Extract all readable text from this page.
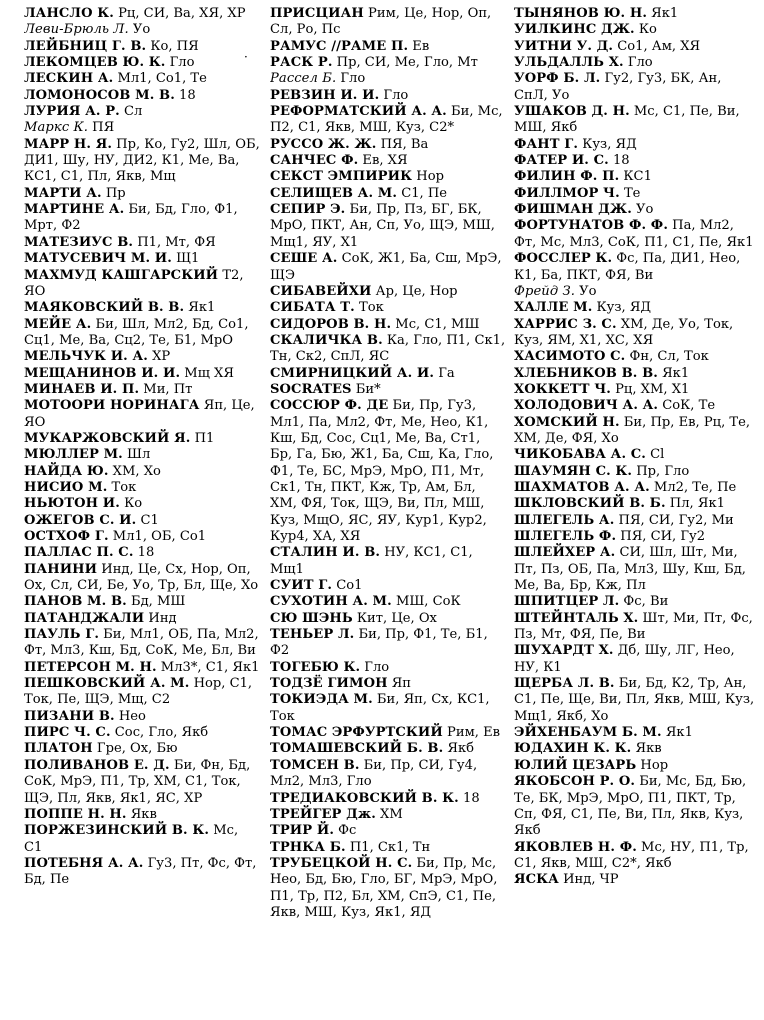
ЛАНСЛО К. Рц, СИ, Ва, ХЯ, ХР
Леви-Брюль Л. Уо
ЛЕЙБНИЦ Г. В. Ко, ПЯ
ЛЕКОМЦЕВ Ю. К. Гло
ЛЕСКИН А. Мл1, Со1, Те
ЛОМОНОСОВ М. В. 18
ЛУРИЯ А. Р. Сл
Маркс К. ПЯ
МАРР Н. Я. Пр, Ко, Гу2, Шл, ОБ, ДИ1, Шу, НУ, ДИ2, К1, Ме, Ва, КС1, С1, Пл, Якв, Мщ
МАРТИ А. Пр
МАРТИНЕ А. Би, Бд, Гло, Ф1, Мрт, Ф2
МАТЕЗИУС В. П1, Мт, ФЯ
МАТУСЕВИЧ М. И. Щ1
МАХМУД КАШГАРСКИЙ Т2, ЯО
МАЯКОВСКИЙ В. В. Як1
МЕЙЕ А. Би, Шл, Мл2, Бд, Со1, Сц1, Ме, Ва, Сц2, Те, Б1, МрО
МЕЛЬЧУК И. А. ХР
МЕЩАНИНОВ И. И. Мщ ХЯ
МИНАЕВ И. П. Ми, Пт
МОТООРИ НОРИНАГА Яп, Це, ЯО
МУКАРЖОВСКИЙ Я. П1
МЮЛЛЕР М. Шл
НАЙДА Ю. ХМ, Хо
НИСИО М. Ток
НЬЮТОН И. Ко
ОЖЕГОВ С. И. С1
ОСТХОФ Г. Мл1, ОБ, Со1
ПАЛЛАС П. С. 18
ПАНИНИ Инд, Це, Сх, Нор, Оп, Ох, Сл, СИ, Бе, Уо, Тр, Бл, Ще, Хо
ПАНОВ М. В. Бд, МШ
ПАТАНДЖАЛИ Инд
ПАУЛЬ Г. Би, Мл1, ОБ, Па, Мл2, Фт, Мл3, Кш, Бд, СоК, Ме, Бл, Ви
ПЕТЕРСОН М. Н. Мл3*, С1, Як1
ПЕШКОВСКИЙ А. М. Нор, С1, Ток, Пе, ЩЭ, Мщ, С2
ПИЗАНИ В. Нео
ПИРС Ч. С. Сос, Гло, Якб
ПЛАТОН Гре, Ох, Бю
ПОЛИВАНОВ Е. Д. Би, Фн, Бд, СоК, МрЭ, П1, Тр, ХМ, С1, Ток, ЩЭ, Пл, Якв, Як1, ЯС, ХР
ПОППЕ Н. Н. Якв
ПОРЖЕЗИНСКИЙ В. К. Мс, С1
ПОТЕБНЯ А. А. Гу3, Пт, Фс, Фт, Бд, Пе
ПРИСЦИАН Рим, Це, Нор, Оп, Сл, Ро, Пс
РАМУС //РАМЕ П. Ев
РАСК Р. Пр, СИ, Ме, Гло, Мт
Рассел Б. Гло
РЕВЗИН И. И. Гло
РЕФОРМАТСКИЙ А. А. Би, Мс, П2, С1, Якв, МШ, Куз, С2*
РУССО Ж. Ж. ПЯ, Ва
САНЧЕС Ф. Ев, ХЯ
СЕКСТ ЭМПИРИК Нор
СЕЛИЩЕВ А. М. С1, Пе
СЕПИР Э. Би, Пр, Пз, БГ, БК, МрО, ПКТ, Ан, Сп, Уо, ЩЭ, МШ, Мщ1, ЯУ, Х1
СЕШЕ А. СоК, Ж1, Ба, Сш, МрЭ, ЩЭ
СИБАВЕЙХИ Ар, Це, Нор
СИБАТА Т. Ток
СИДОРОВ В. Н. Мс, С1, МШ
СКАЛИЧКА В. Ка, Гло, П1, Ск1, Тн, Ск2, СпЛ, ЯС
СМИРНИЦКИЙ А. И. Га
SOCRATES Би*
СОССЮР Ф. ДЕ Би, Пр, Гу3, Мл1, Па, Мл2, Фт, Ме, Нео, К1, Кш, Бд, Сос, Сц1, Ме, Ва, Ст1, Бр, Га, Бю, Ж1, Ба, Сш, Ка, Гло, Ф1, Те, БС, МрЭ, МрО, П1, Мт, Ск1, Тн, ПКТ, Кж, Тр, Ам, Бл, ХМ, ФЯ, Ток, ЩЭ, Ви, Пл, МШ, Куз, МщО, ЯС, ЯУ, Кур1, Кур2, Кур4, ХА, ХЯ
СТАЛИН И. В. НУ, КС1, С1, Мщ1
СУИТ Г. Со1
СУХОТИН А. М. МШ, СоК
СЮ ШЭНЬ Кит, Це, Ох
ТЕНЬЕР Л. Би, Пр, Ф1, Те, Б1, Ф2
ТОГЕБЮ К. Гло
ТОДЗЁ ГИМОН Яп
ТОКИЭДА М. Би, Яп, Сх, КС1, Ток
ТОМАС ЭРФУРТСКИЙ Рим, Ев
ТОМАШЕВСКИЙ Б. В. Якб
ТОМСЕН В. Би, Пр, СИ, Гу4, Мл2, Мл3, Гло
ТРЕДИАКОВСКИЙ В. К. 18
ТРЕЙГЕР Дж. ХМ
ТРИР Й. Фс
ТРНКА Б. П1, Ск1, Тн
ТРУБЕЦКОЙ Н. С. Би, Пр, Мс, Нео, Бд, Бю, Гло, БГ, МрЭ, МрО, П1, Тр, П2, Бл, ХМ, СпЭ, С1, Пе, Якв, МШ, Куз, Як1, ЯД
ТЫНЯНОВ Ю. Н. Як1
УИЛКИНС ДЖ. Ко
УИТНИ У. Д. Со1, Ам, ХЯ
УЛЬДАЛЛЬ Х. Гло
УОРФ Б. Л. Гу2, Гу3, БК, Ан, СпЛ, Уо
УШАКОВ Д. Н. Мс, С1, Пе, Ви, МШ, Якб
ФАНТ Г. Куз, ЯД
ФАТЕР И. С. 18
ФИЛИН Ф. П. КС1
ФИЛЛМОР Ч. Те
ФИШМАН ДЖ. Уо
ФОРТУНАТОВ Ф. Ф. Па, Мл2, Фт, Мс, Мл3, СоК, П1, С1, Пе, Як1
ФОССЛЕР К. Фс, Па, ДИ1, Нео, К1, Ба, ПКТ, ФЯ, Ви
Фрейд З. Уо
ХАЛЛЕ М. Куз, ЯД
ХАРРИС З. С. ХМ, Де, Уо, Ток, Куз, ЯМ, Х1, ХС, ХЯ
ХАСИМОТО С. Фн, Сл, Ток
ХЛЕБНИКОВ В. В. Як1
ХОККЕТТ Ч. Рц, ХМ, Х1
ХОЛОДОВИЧ А. А. СоК, Те
ХОМСКИЙ Н. Би, Пр, Ев, Рц, Те, ХМ, Де, ФЯ, Хо
ЧИКОБАВА А. С. Сl
ШАУМЯН С. К. Пр, Гло
ШАХМАТОВ А. А. Мл2, Те, Пе
ШКЛОВСКИЙ В. Б. Пл, Як1
ШЛЕГЕЛЬ А. ПЯ, СИ, Гу2, Ми
ШЛЕГЕЛЬ Ф. ПЯ, СИ, Гу2
ШЛЕЙХЕР А. СИ, Шл, Шт, Ми, Пт, Пз, ОБ, Па, Мл3, Шу, Кш, Бд, Ме, Ва, Бр, Кж, Пл
ШПИТЦЕР Л. Фс, Ви
ШТЕЙНТАЛЬ Х. Шт, Ми, Пт, Фс, Пз, Мт, ФЯ, Пе, Ви
ШУХАРДТ Х. Дб, Шу, ЛГ, Нео, НУ, К1
ЩЕРБА Л. В. Би, Бд, К2, Тр, Ан, С1, Пе, Ще, Ви, Пл, Якв, МШ, Куз, Мщ1, Якб, Хо
ЭЙХЕНБАУМ Б. М. Як1
ЮДАХИН К. К. Якв
ЮЛИЙ ЦЕЗАРЬ Нор
ЯКОБСОН Р. О. Би, Мс, Бд, Бю, Те, БК, МрЭ, МрО, П1, ПКТ, Тр, Сп, ФЯ, С1, Пе, Ви, Пл, Якв, Куз, Якб
ЯКОВЛЕВ Н. Ф. Мс, НУ, П1, Тр, С1, Якв, МШ, С2*, Якб
ЯСКА Инд, ЧР
·
